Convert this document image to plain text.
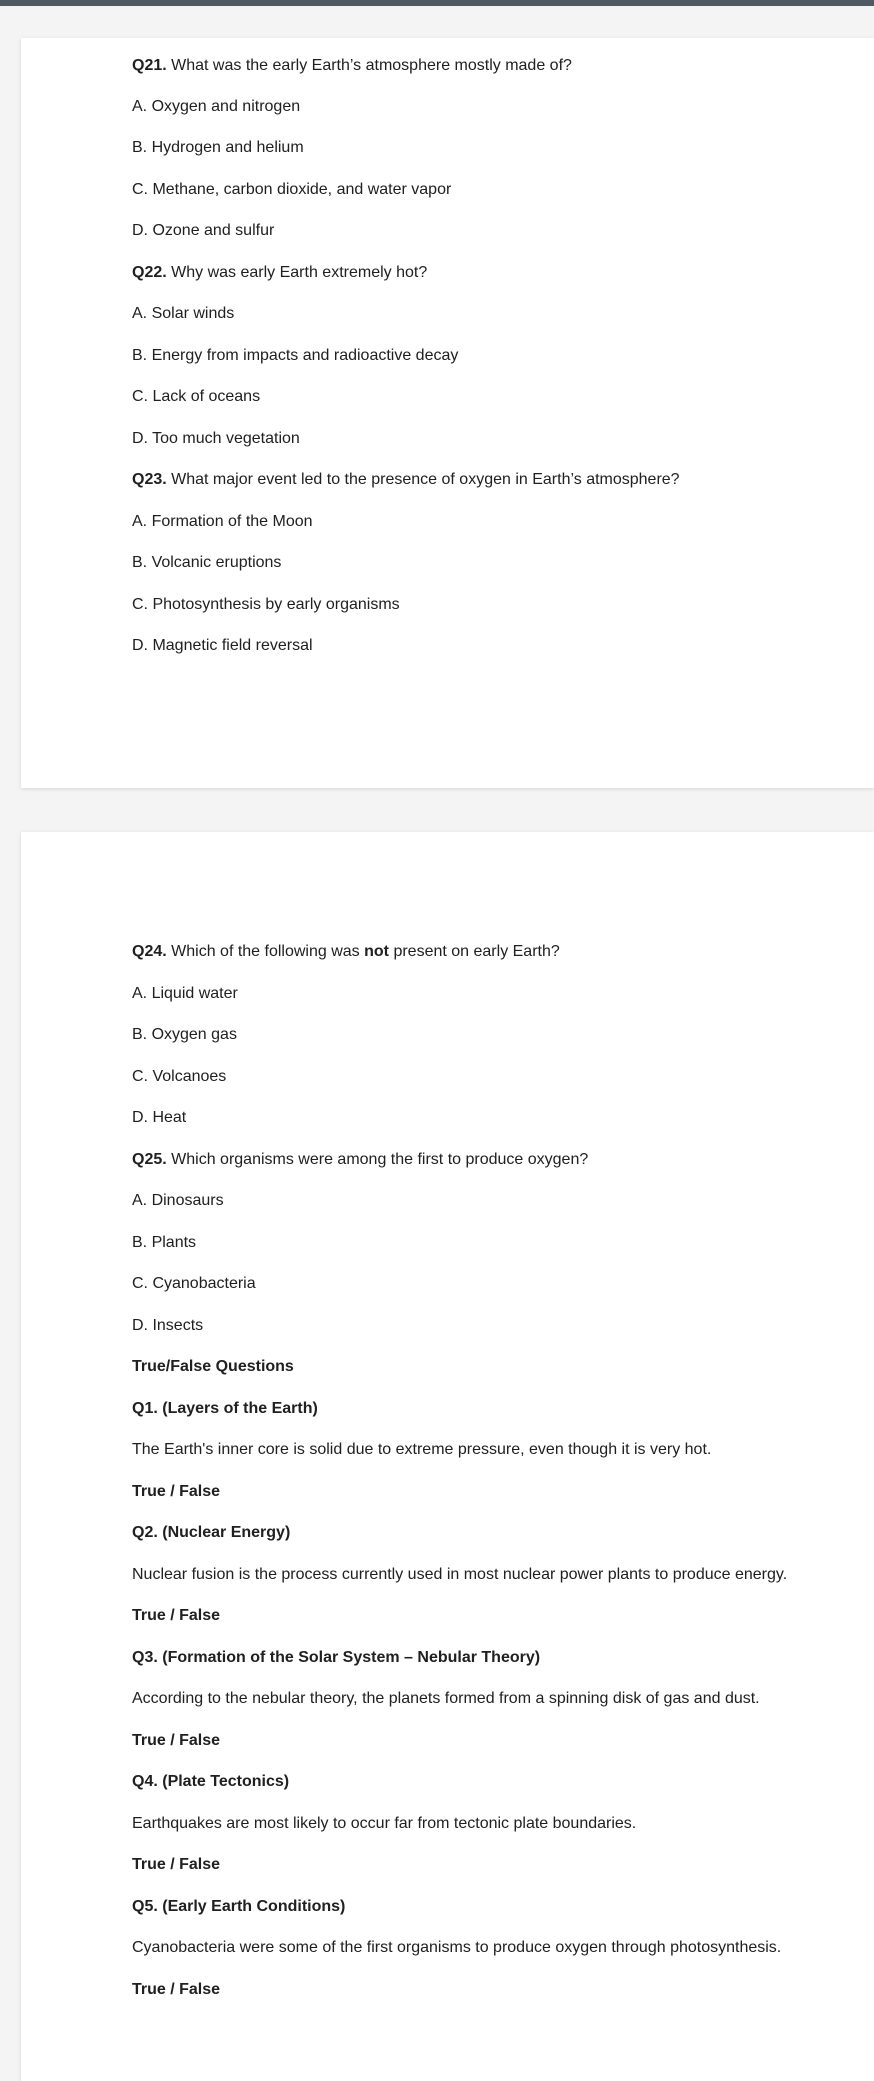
Q21. What was the early Earth’s atmosphere mostly made of?

A. Oxygen and nitrogen

B. Hydrogen and helium

C. Methane, carbon dioxide, and water vapor

D. Ozone and sulfur

Q22. Why was early Earth extremely hot?

A. Solar winds

B. Energy from impacts and radioactive decay

C. Lack of oceans

D. Too much vegetation

Q23. What major event led to the presence of oxygen in Earth’s atmosphere?

A. Formation of the Moon

B. Volcanic eruptions

C. Photosynthesis by early organisms

D. Magnetic field reversal

Q24. Which of the following was not present on early Earth?

A. Liquid water

B. Oxygen gas

C. Volcanoes

D. Heat

Q25. Which organisms were among the first to produce oxygen?

A. Dinosaurs

B. Plants

C. Cyanobacteria

D. Insects

True/False Questions

Q1. (Layers of the Earth)

The Earth's inner core is solid due to extreme pressure, even though it is very hot.

True / False

Q2. (Nuclear Energy)

Nuclear fusion is the process currently used in most nuclear power plants to produce energy.

True / False

Q3. (Formation of the Solar System – Nebular Theory)

According to the nebular theory, the planets formed from a spinning disk of gas and dust.

True / False

Q4. (Plate Tectonics)

Earthquakes are most likely to occur far from tectonic plate boundaries.

True / False

Q5. (Early Earth Conditions)

Cyanobacteria were some of the first organisms to produce oxygen through photosynthesis.

True / False
